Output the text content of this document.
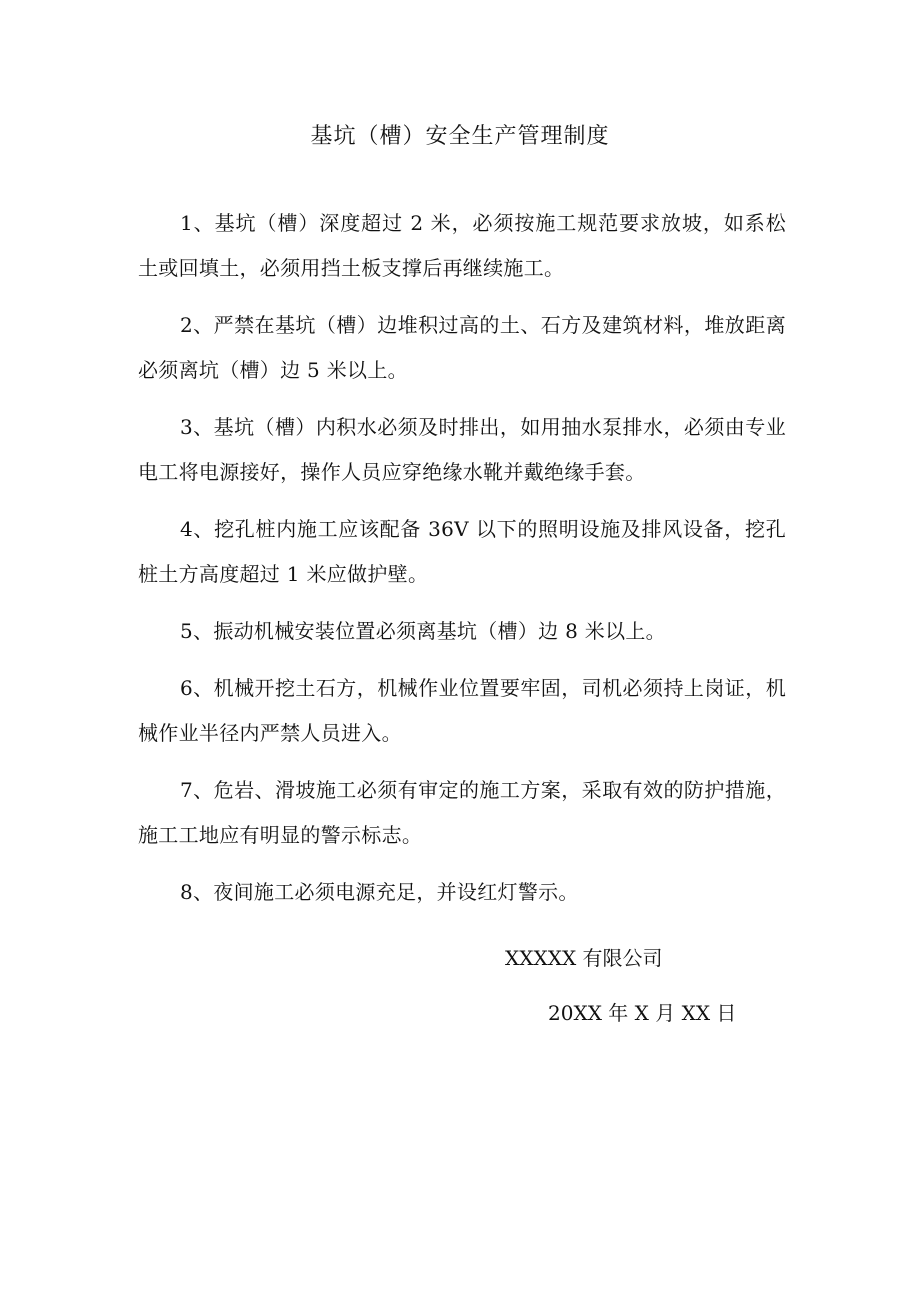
基坑（槽）安全生产管理制度

1、基坑（槽）深度超过 2 米，必须按施工规范要求放坡，如系松土或回填土，必须用挡土板支撑后再继续施工。

2、严禁在基坑（槽）边堆积过高的土、石方及建筑材料，堆放距离必须离坑（槽）边 5 米以上。

3、基坑（槽）内积水必须及时排出，如用抽水泵排水，必须由专业电工将电源接好，操作人员应穿绝缘水靴并戴绝缘手套。

4、挖孔桩内施工应该配备 36V 以下的照明设施及排风设备，挖孔桩土方高度超过 1 米应做护壁。

5、振动机械安装位置必须离基坑（槽）边 8 米以上。

6、机械开挖土石方，机械作业位置要牢固，司机必须持上岗证，机械作业半径内严禁人员进入。

7、危岩、滑坡施工必须有审定的施工方案，采取有效的防护措施，施工工地应有明显的警示标志。

8、夜间施工必须电源充足，并设红灯警示。

XXXXX 有限公司
20XX 年 X 月 XX 日
